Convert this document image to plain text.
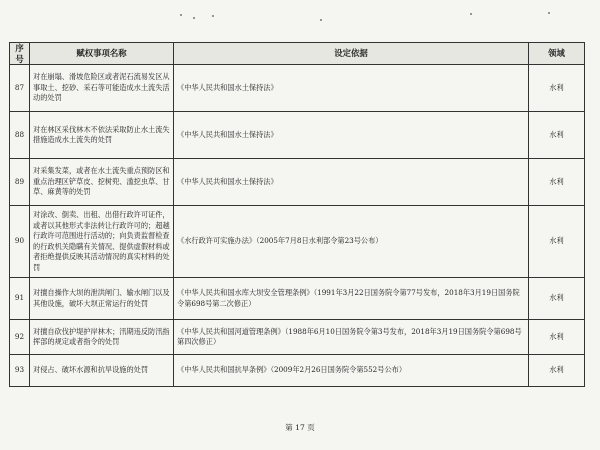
序号	赋权事项名称	设定依据	领域
87	对在崩塌、滑坡危险区或者泥石流易发区从事取土、挖砂、采石等可能造成水土流失活动的处罚	《中华人民共和国水土保持法》	水利
88	对在林区采伐林木不依法采取防止水土流失措施造成水土流失的处罚	《中华人民共和国水土保持法》	水利
89	对采集发菜，或者在水土流失重点预防区和重点治理区铲草皮、挖树兜、滥挖虫草、甘草、麻黄等的处罚	《中华人民共和国水土保持法》	水利
90	对涂改、倒卖、出租、出借行政许可证件，或者以其他形式非法转让行政许可的；超越行政许可范围进行活动的；向负责监督检查的行政机关隐瞒有关情况、提供虚假材料或者拒绝提供反映其活动情况的真实材料的处罚	《水行政许可实施办法》（2005年7月8日水利部令第23号公布）	水利
91	对擅自操作大坝的泄洪闸门、输水闸门以及其他设施，破坏大坝正常运行的处罚	《中华人民共和国水库大坝安全管理条例》（1991年3月22日国务院令第77号发布，2018年3月19日国务院令第698号第二次修正）	水利
92	对擅自砍伐护堤护岸林木；汛期违反防汛指挥部的规定或者指令的处罚	《中华人民共和国河道管理条例》（1988年6月10日国务院令第3号发布，2018年3月19日国务院令第698号第四次修正）	水利
93	对侵占、破坏水源和抗旱设施的处罚	《中华人民共和国抗旱条例》（2009年2月26日国务院令第552号公布）	水利
第 17 页
